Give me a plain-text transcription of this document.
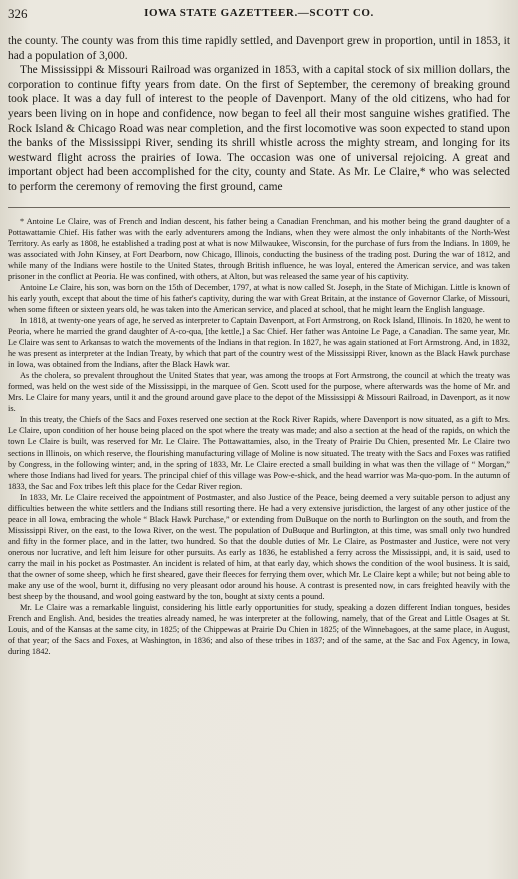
326	IOWA STATE GAZETTEER.—SCOTT CO.

the county. The county was from this time rapidly settled, and Davenport grew in proportion, until in 1853, it had a population of 3,000.

The Mississippi & Missouri Railroad was organized in 1853, with a capital stock of six million dollars, the corporation to continue fifty years from date. On the first of September, the ceremony of breaking ground took place. It was a day full of interest to the people of Davenport. Many of the old citizens, who had for years been living on in hope and confidence, now began to feel all their most sanguine wishes gratified. The Rock Island & Chicago Road was near completion, and the first locomotive was soon expected to stand upon the banks of the Mississippi River, sending its shrill whistle across the mighty stream, and longing for its westward flight across the prairies of Iowa. The occasion was one of universal rejoicing. A great and important object had been accomplished for the city, county and State. As Mr. Le Claire,* who was selected to perform the ceremony of removing the first ground, came

* Antoine Le Claire, was of French and Indian descent, his father being a Canadian Frenchman, and his mother being the grand daughter of a Pottawattamie Chief. His father was with the early adventurers among the Indians, when they were almost the only inhabitants of the North-West Territory. As early as 1808, he established a trading post at what is now Milwaukee, Wisconsin, for the purchase of furs from the Indians. In 1809, he was associated with John Kinsey, at Fort Dearborn, now Chicago, Illinois, conducting the business of the trading post. During the war of 1812, and while many of the Indians were hostile to the United States, through British influence, he was loyal, entered the American service, and was taken prisoner in the conflict at Peoria. He was confined, with others, at Alton, but was released the same year of his captivity.

Antoine Le Claire, his son, was born on the 15th of December, 1797, at what is now called St. Joseph, in the State of Michigan. Little is known of his early youth, except that about the time of his father's captivity, during the war with Great Britain, at the instance of Governor Clarke, of Missouri, when some fifteen or sixteen years old, he was taken into the American service, and placed at school, that he might learn the English language.

In 1818, at twenty-one years of age, he served as interpreter to Captain Davenport, at Fort Armstrong, on Rock Island, Illinois. In 1820, he went to Peoria, where he married the grand daughter of A-co-qua, [the kettle,] a Sac Chief. Her father was Antoine Le Page, a Canadian. The same year, Mr. Le Claire was sent to Arkansas to watch the movements of the Indians in that region. In 1827, he was again stationed at Fort Armstrong. And, in 1832, he was present as interpreter at the Indian Treaty, by which that part of the country west of the Mississippi River, known as the Black Hawk purchase in Iowa, was obtained from the Indians, after the Black Hawk war.

As the cholera, so prevalent throughout the United States that year, was among the troops at Fort Armstrong, the council at which the treaty was formed, was held on the west side of the Mississippi, in the marquee of Gen. Scott used for the purpose, where afterwards was the home of Mr. and Mrs. Le Claire for many years, until it and the ground around gave place to the depot of the Mississippi & Missouri Railroad, in Davenport, as it now is.

In this treaty, the Chiefs of the Sacs and Foxes reserved one section at the Rock River Rapids, where Davenport is now situated, as a gift to Mrs. Le Claire, upon condition of her house being placed on the spot where the treaty was made; and also a section at the head of the rapids, on which the town Le Claire is built, was reserved for Mr. Le Claire. The Pottawattamies, also, in the Treaty of Prairie Du Chien, presented Mr. Le Claire two sections in Illinois, on which reserve, the flourishing manufacturing village of Moline is now situated. The treaty with the Sacs and Foxes was ratified by Congress, in the following winter; and, in the spring of 1833, Mr. Le Claire erected a small building in what was then the village of “ Morgan,” where those Indians had lived for years. The principal chief of this village was Pow-e-shick, and the head warrior was Ma-quo-pom. In the autumn of 1833, the Sac and Fox tribes left this place for the Cedar River region.

In 1833, Mr. Le Claire received the appointment of Postmaster, and also Justice of the Peace, being deemed a very suitable person to adjust any difficulties between the white settlers and the Indians still resorting there. He had a very extensive jurisdiction, the largest of any other justice of the peace in all Iowa, embracing the whole “ Black Hawk Purchase,” or extending from DuBuque on the north to Burlington on the south, and from the Mississippi River, on the east, to the Iowa River, on the west. The population of DuBuque and Burlington, at this time, was small only two hundred and fifty in the former place, and in the latter, two hundred. So that the double duties of Mr. Le Claire, as Postmaster and Justice, were not very onerous nor lucrative, and left him leisure for other pursuits. As early as 1836, he established a ferry across the Mississippi, and, it is said, used to carry the mail in his pocket as Postmaster. An incident is related of him, at that early day, which shows the condition of the wool business. It is said, that the owner of some sheep, which he first sheared, gave their fleeces for ferrying them over, which Mr. Le Claire kept a while; but not being able to make any use of the wool, burnt it, diffusing no very pleasant odor around his house. A contrast is presented now, in cars freighted heavily with the best sheep by the thousand, and wool going eastward by the ton, bought at sixty cents a pound.

Mr. Le Claire was a remarkable linguist, considering his little early opportunities for study, speaking a dozen different Indian tongues, besides French and English. And, besides the treaties already named, he was interpreter at the following, namely, that of the Great and Little Osages at St. Louis, and of the Kansas at the same city, in 1825; of the Chippewas at Prairie Du Chien in 1825; of the Winnebagoes, at the same place, in August, of that year; of the Sacs and Foxes, at Washington, in 1836; and also of these tribes in 1837; and of the same, at the Sac and Fox Agency, in Iowa, during 1842.
